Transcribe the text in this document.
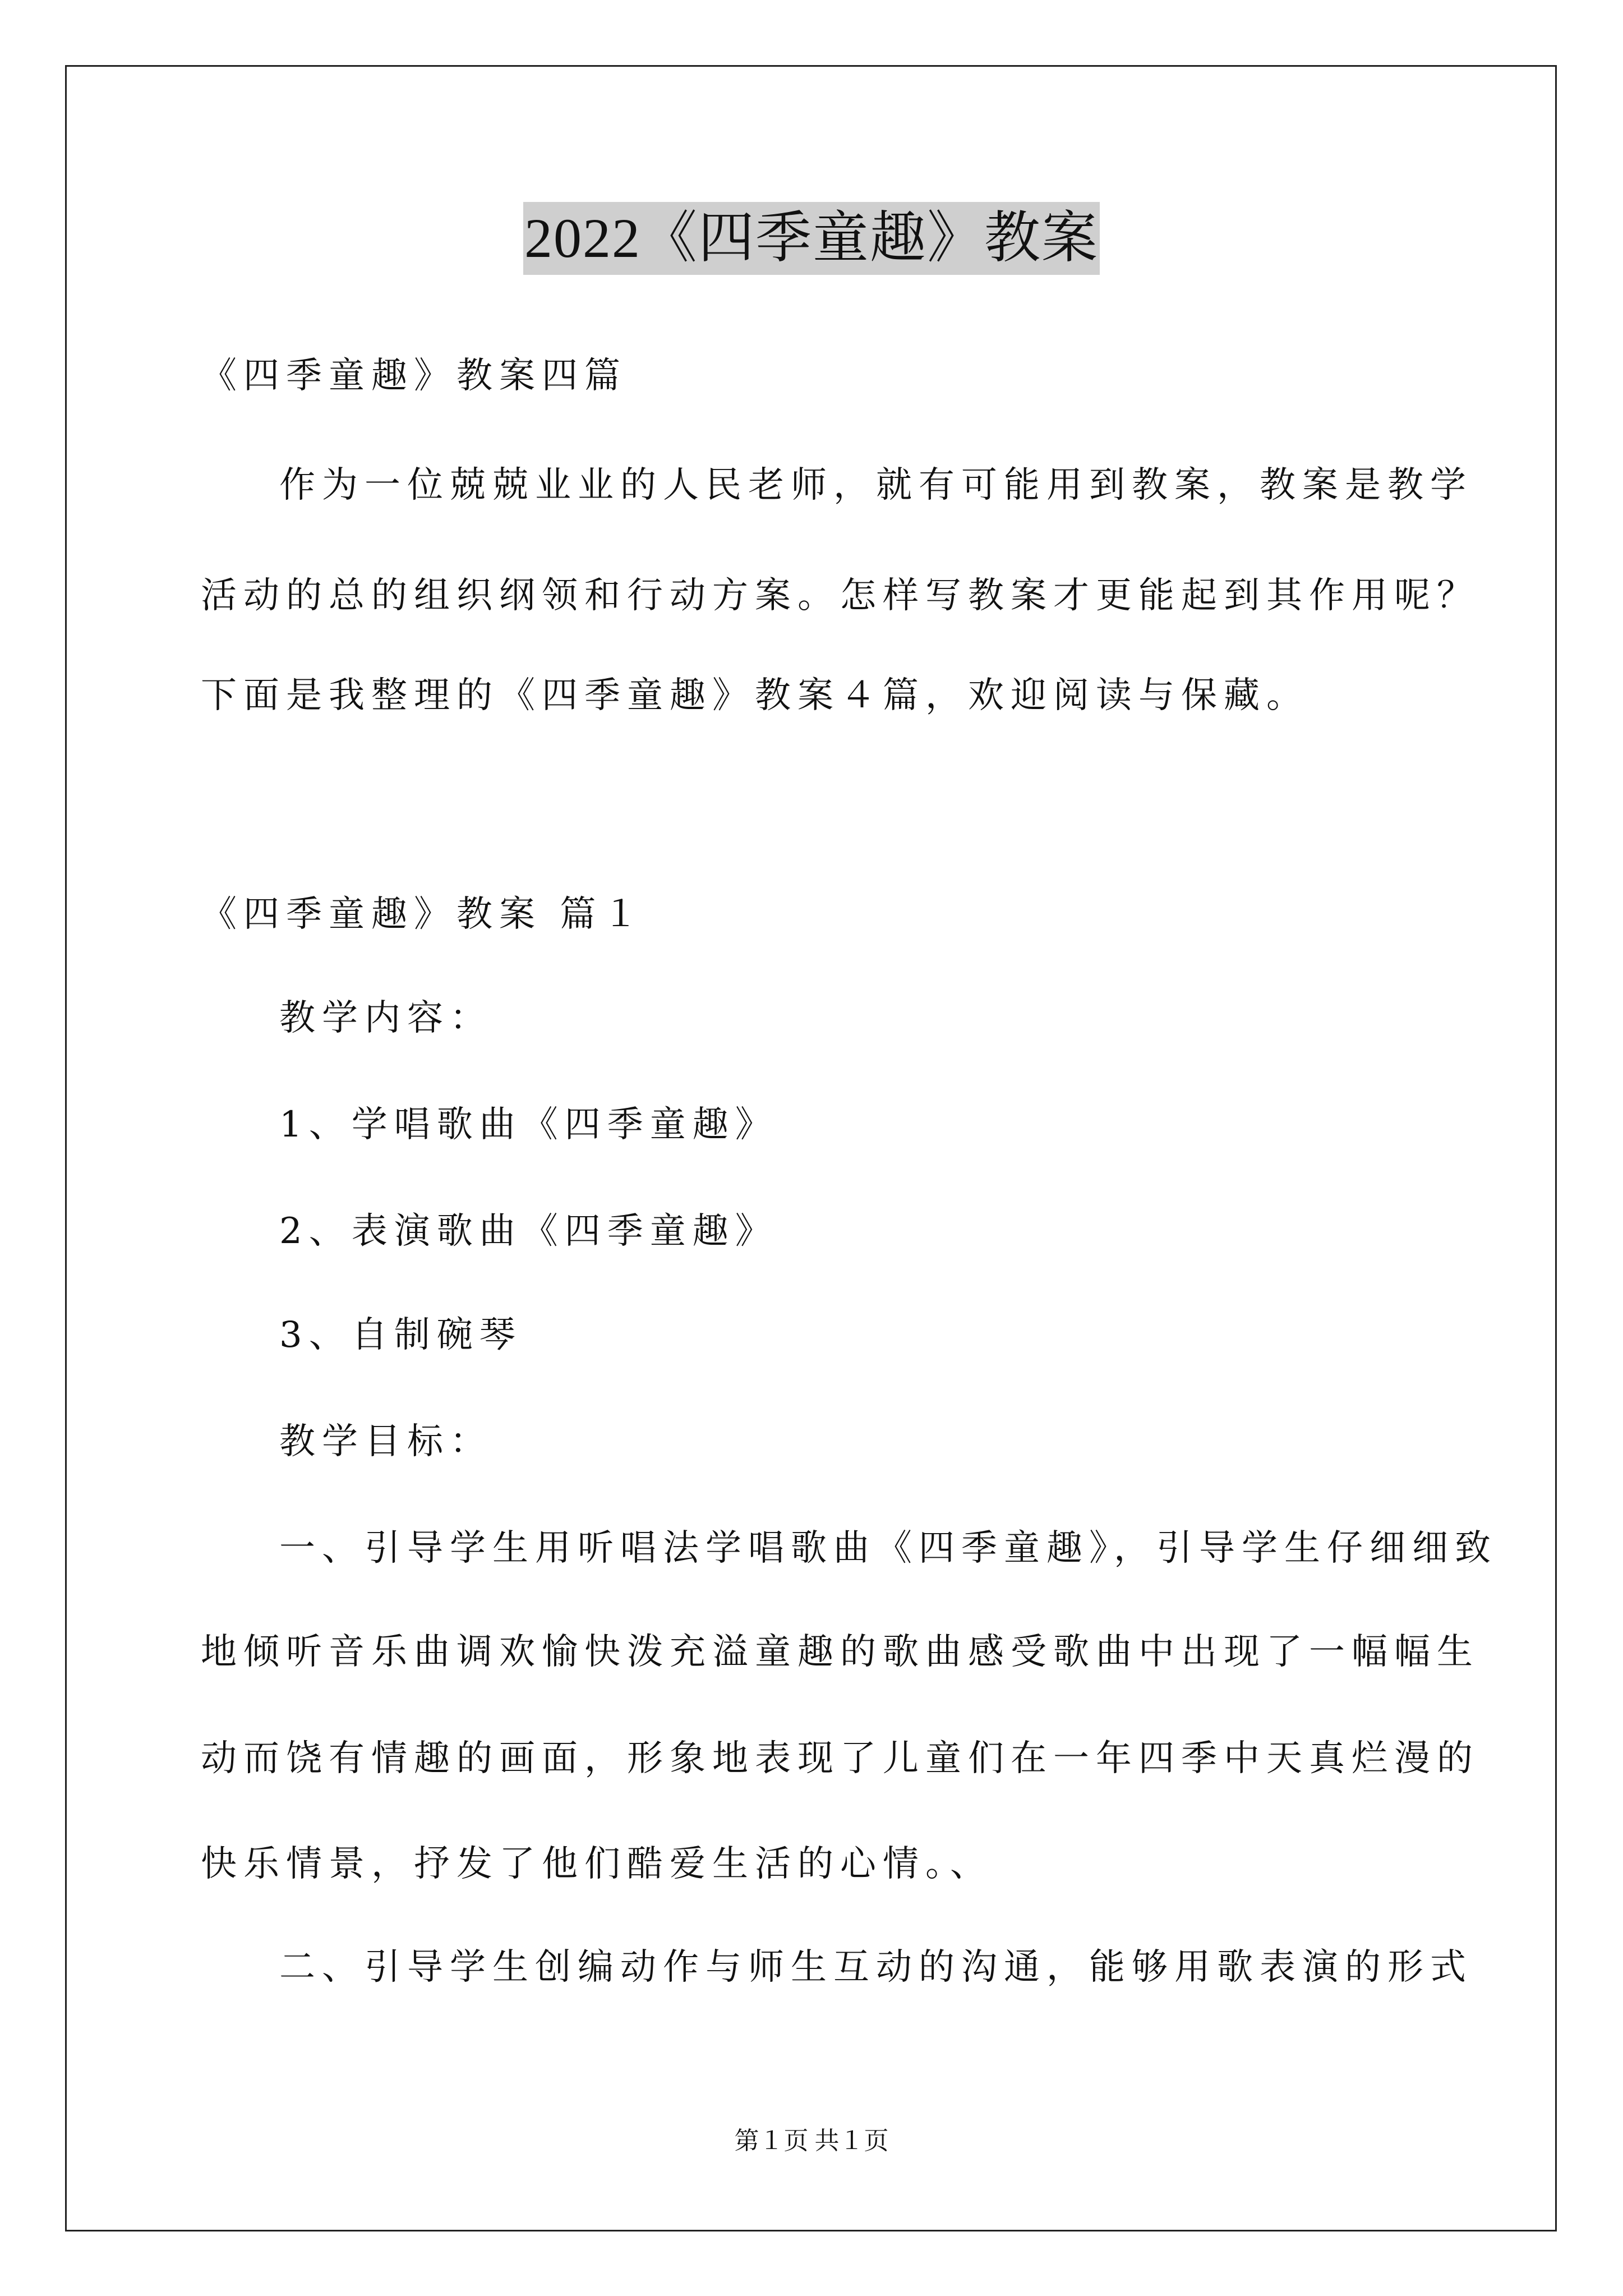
2022《四季童趣》教案
《四季童趣》教案四篇
作为一位兢兢业业的人民老师，就有可能用到教案，教案是教学
活动的总的组织纲领和行动方案。怎样写教案才更能起到其作用呢？
下面是我整理的《四季童趣》教案４篇，欢迎阅读与保藏。
《四季童趣》教案 篇１
教学内容：
1、学唱歌曲《四季童趣》
2、表演歌曲《四季童趣》
3、自制碗琴
教学目标：
一、引导学生用听唱法学唱歌曲《四季童趣》，引导学生仔细细致
地倾听音乐曲调欢愉快泼充溢童趣的歌曲感受歌曲中出现了一幅幅生
动而饶有情趣的画面，形象地表现了儿童们在一年四季中天真烂漫的
快乐情景，抒发了他们酷爱生活的心情。、
二、引导学生创编动作与师生互动的沟通，能够用歌表演的形式
第１页 共１页
